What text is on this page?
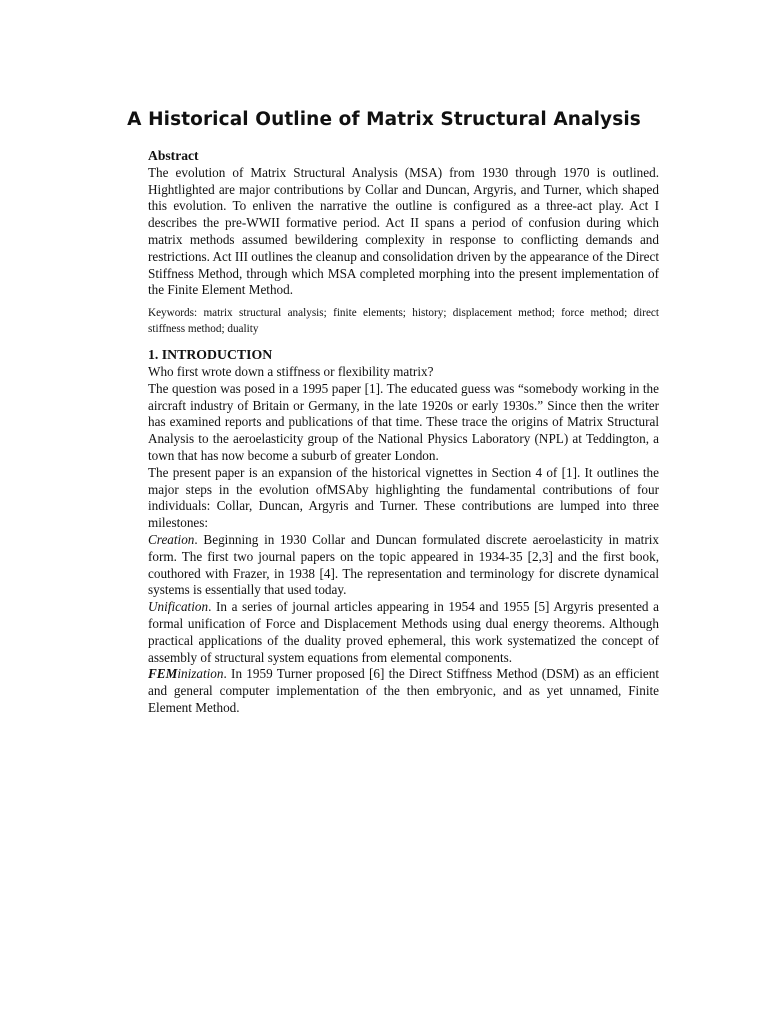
A Historical Outline of Matrix Structural Analysis

Abstract

The evolution of Matrix Structural Analysis (MSA) from 1930 through 1970 is outlined. Hightlighted are major contributions by Collar and Duncan, Argyris, and Turner, which shaped this evolution. To enliven the narrative the outline is configured as a three-act play. Act I describes the pre-WWII formative period. Act II spans a period of confusion during which matrix methods assumed bewildering complexity in response to conflicting demands and restrictions. Act III outlines the cleanup and consolidation driven by the appearance of the Direct Stiffness Method, through which MSA completed morphing into the present implementation of the Finite Element Method.

Keywords: matrix structural analysis; finite elements; history; displacement method; force method; direct stiffness method; duality

1. INTRODUCTION

Who first wrote down a stiffness or flexibility matrix?

The question was posed in a 1995 paper [1]. The educated guess was “somebody working in the aircraft industry of Britain or Germany, in the late 1920s or early 1930s.” Since then the writer has examined reports and publications of that time. These trace the origins of Matrix Structural Analysis to the aeroelasticity group of the National Physics Laboratory (NPL) at Teddington, a town that has now become a suburb of greater London.

The present paper is an expansion of the historical vignettes in Section 4 of [1]. It outlines the major steps in the evolution ofMSAby highlighting the fundamental contributions of four individuals: Collar, Duncan, Argyris and Turner. These contributions are lumped into three milestones:

Creation. Beginning in 1930 Collar and Duncan formulated discrete aeroelasticity in matrix form. The first two journal papers on the topic appeared in 1934-35 [2,3] and the first book, couthored with Frazer, in 1938 [4]. The representation and terminology for discrete dynamical systems is essentially that used today.

Unification. In a series of journal articles appearing in 1954 and 1955 [5] Argyris presented a formal unification of Force and Displacement Methods using dual energy theorems. Although practical applications of the duality proved ephemeral, this work systematized the concept of assembly of structural system equations from elemental components.

FEMinization. In 1959 Turner proposed [6] the Direct Stiffness Method (DSM) as an efficient and general computer implementation of the then embryonic, and as yet unnamed, Finite Element Method.
